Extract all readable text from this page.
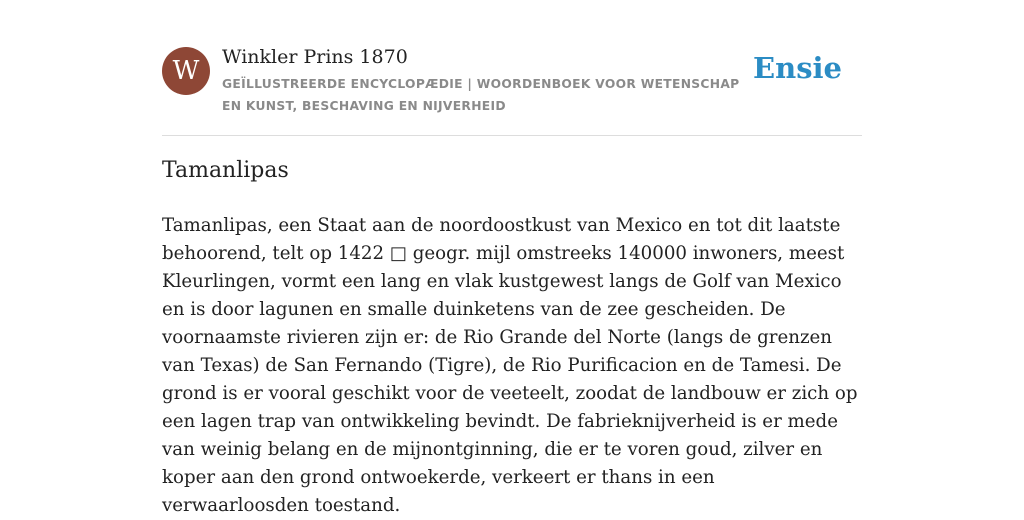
W	Winkler Prins 1870
GEÏLLUSTREERDE ENCYCLOPÆDIE | WOORDENBOEK VOOR WETENSCHAP EN KUNST, BESCHAVING EN NIJVERHEID
Ensie
Tamanlipas

Tamanlipas, een Staat aan de noordoostkust van Mexico en tot dit laatste behoorend, telt op 1422 □ geogr. mijl omstreeks 140000 inwoners, meest Kleurlingen, vormt een lang en vlak kustgewest langs de Golf van Mexico en is door lagunen en smalle duinketens van de zee gescheiden. De voornaamste rivieren zijn er: de Rio Grande del Norte (langs de grenzen van Texas) de San Fernando (Tigre), de Rio Purificacion en de Tamesi. De grond is er vooral geschikt voor de veeteelt, zoodat de landbouw er zich op een lagen trap van ontwikkeling bevindt. De fabrieknijverheid is er mede van weinig belang en de mijnontginning, die er te voren goud, zilver en koper aan den grond ontwoekerde, verkeert er thans in een verwaarloosden toestand.
